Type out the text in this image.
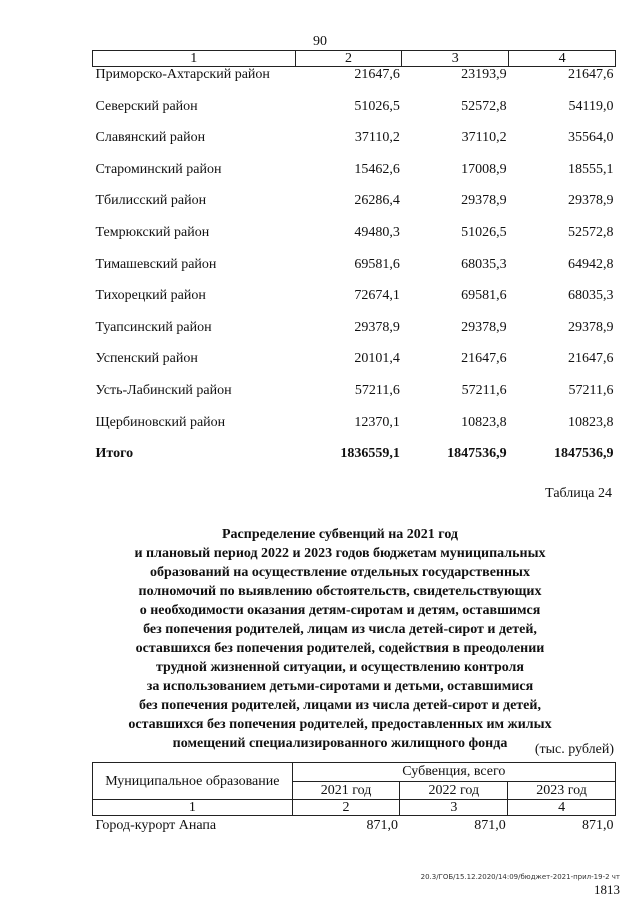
90
1	2	3	4
Приморско-Ахтарский район	21647,6	23193,9	21647,6
Северский район	51026,5	52572,8	54119,0
Славянский район	37110,2	37110,2	35564,0
Староминский район	15462,6	17008,9	18555,1
Тбилисский район	26286,4	29378,9	29378,9
Темрюкский район	49480,3	51026,5	52572,8
Тимашевский район	69581,6	68035,3	64942,8
Тихорецкий район	72674,1	69581,6	68035,3
Туапсинский район	29378,9	29378,9	29378,9
Успенский район	20101,4	21647,6	21647,6
Усть-Лабинский район	57211,6	57211,6	57211,6
Щербиновский район	12370,1	10823,8	10823,8
Итого	1836559,1	1847536,9	1847536,9
Таблица 24
Распределение субвенций на 2021 год
и плановый период 2022 и 2023 годов бюджетам муниципальных
образований на осуществление отдельных государственных
полномочий по выявлению обстоятельств, свидетельствующих
о необходимости оказания детям-сиротам и детям, оставшимся
без попечения родителей, лицам из числа детей-сирот и детей,
оставшихся без попечения родителей, содействия в преодолении
трудной жизненной ситуации, и осуществлению контроля
за использованием детьми-сиротами и детьми, оставшимися
без попечения родителей, лицами из числа детей-сирот и детей,
оставшихся без попечения родителей, предоставленных им жилых
помещений специализированного жилищного фонда	(тыс. рублей)
Муниципальное образование	Субвенция, всего		
	2021 год	2022 год	2023 год
1	2	3	4
Город-курорт Анапа	871,0	871,0	871,0
20.3/ГОБ/15.12.2020/14:09/бюджет-2021-прил-19-2 чт
1813
